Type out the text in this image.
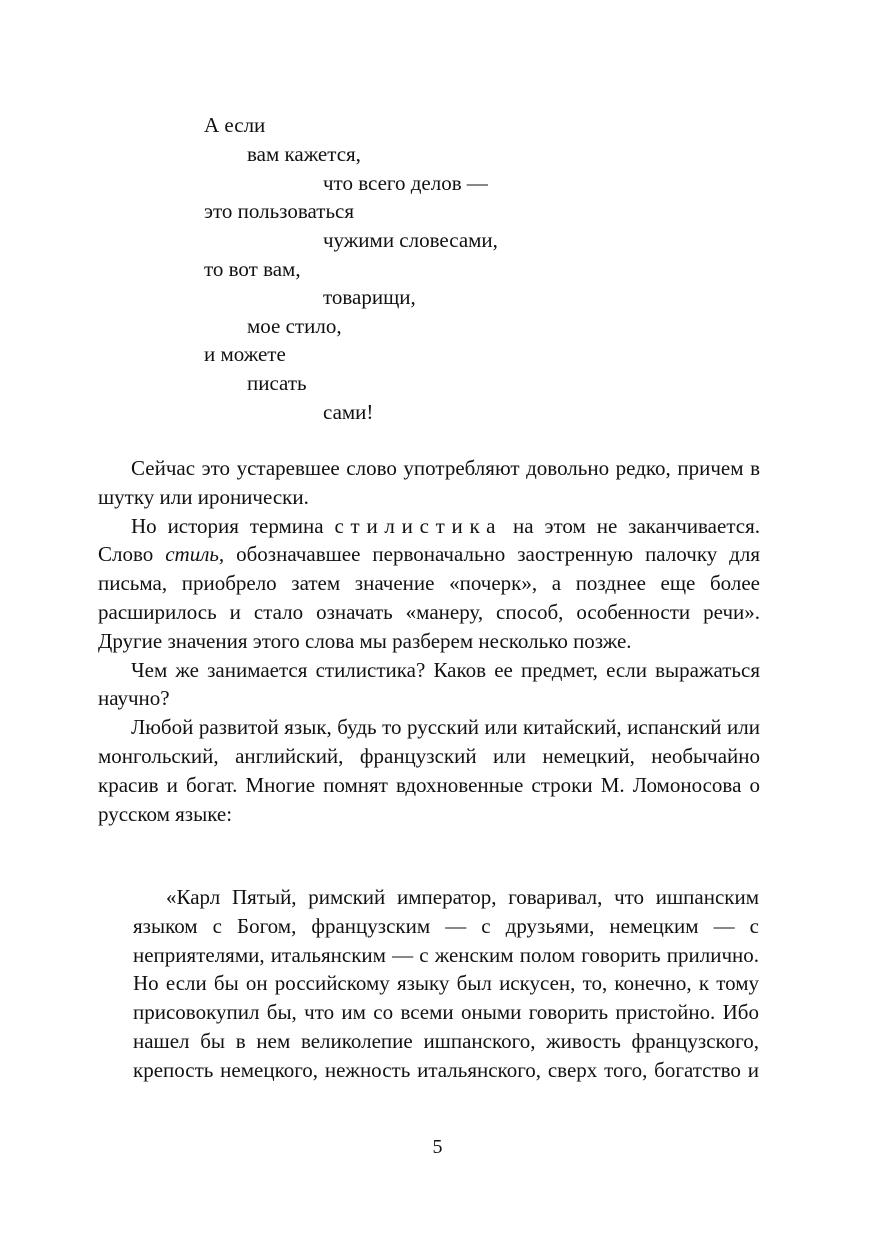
А если
вам кажется,
что всего делов —
это пользоваться
чужими словесами,
то вот вам,
товарищи,
мое стило,
и можете
писать
сами!

Сейчас это устаревшее слово употребляют довольно редко, причем в шутку или иронически.

Но история термина стилистика на этом не заканчивается. Слово стиль, обозначавшее первоначально заостренную палочку для письма, приобрело затем значение «почерк», а позднее еще более расширилось и стало означать «манеру, способ, особенности речи». Другие значения этого слова мы разберем несколько позже.

Чем же занимается стилистика? Каков ее предмет, если выражаться научно?

Любой развитой язык, будь то русский или китайский, испанский или монгольский, английский, французский или немецкий, необычайно красив и богат. Многие помнят вдохновенные строки М. Ломоносова о русском языке:

«Карл Пятый, римский император, говаривал, что ишпанским языком с Богом, французским — с друзьями, немецким — с неприятелями, итальянским — с женским полом говорить прилично. Но если бы он российскому языку был искусен, то, конечно, к тому присовокупил бы, что им со всеми оными говорить пристойно. Ибо нашел бы в нем великолепие ишпанского, живость французского, крепость немецкого, нежность итальянского, сверх того, богатство и

5
